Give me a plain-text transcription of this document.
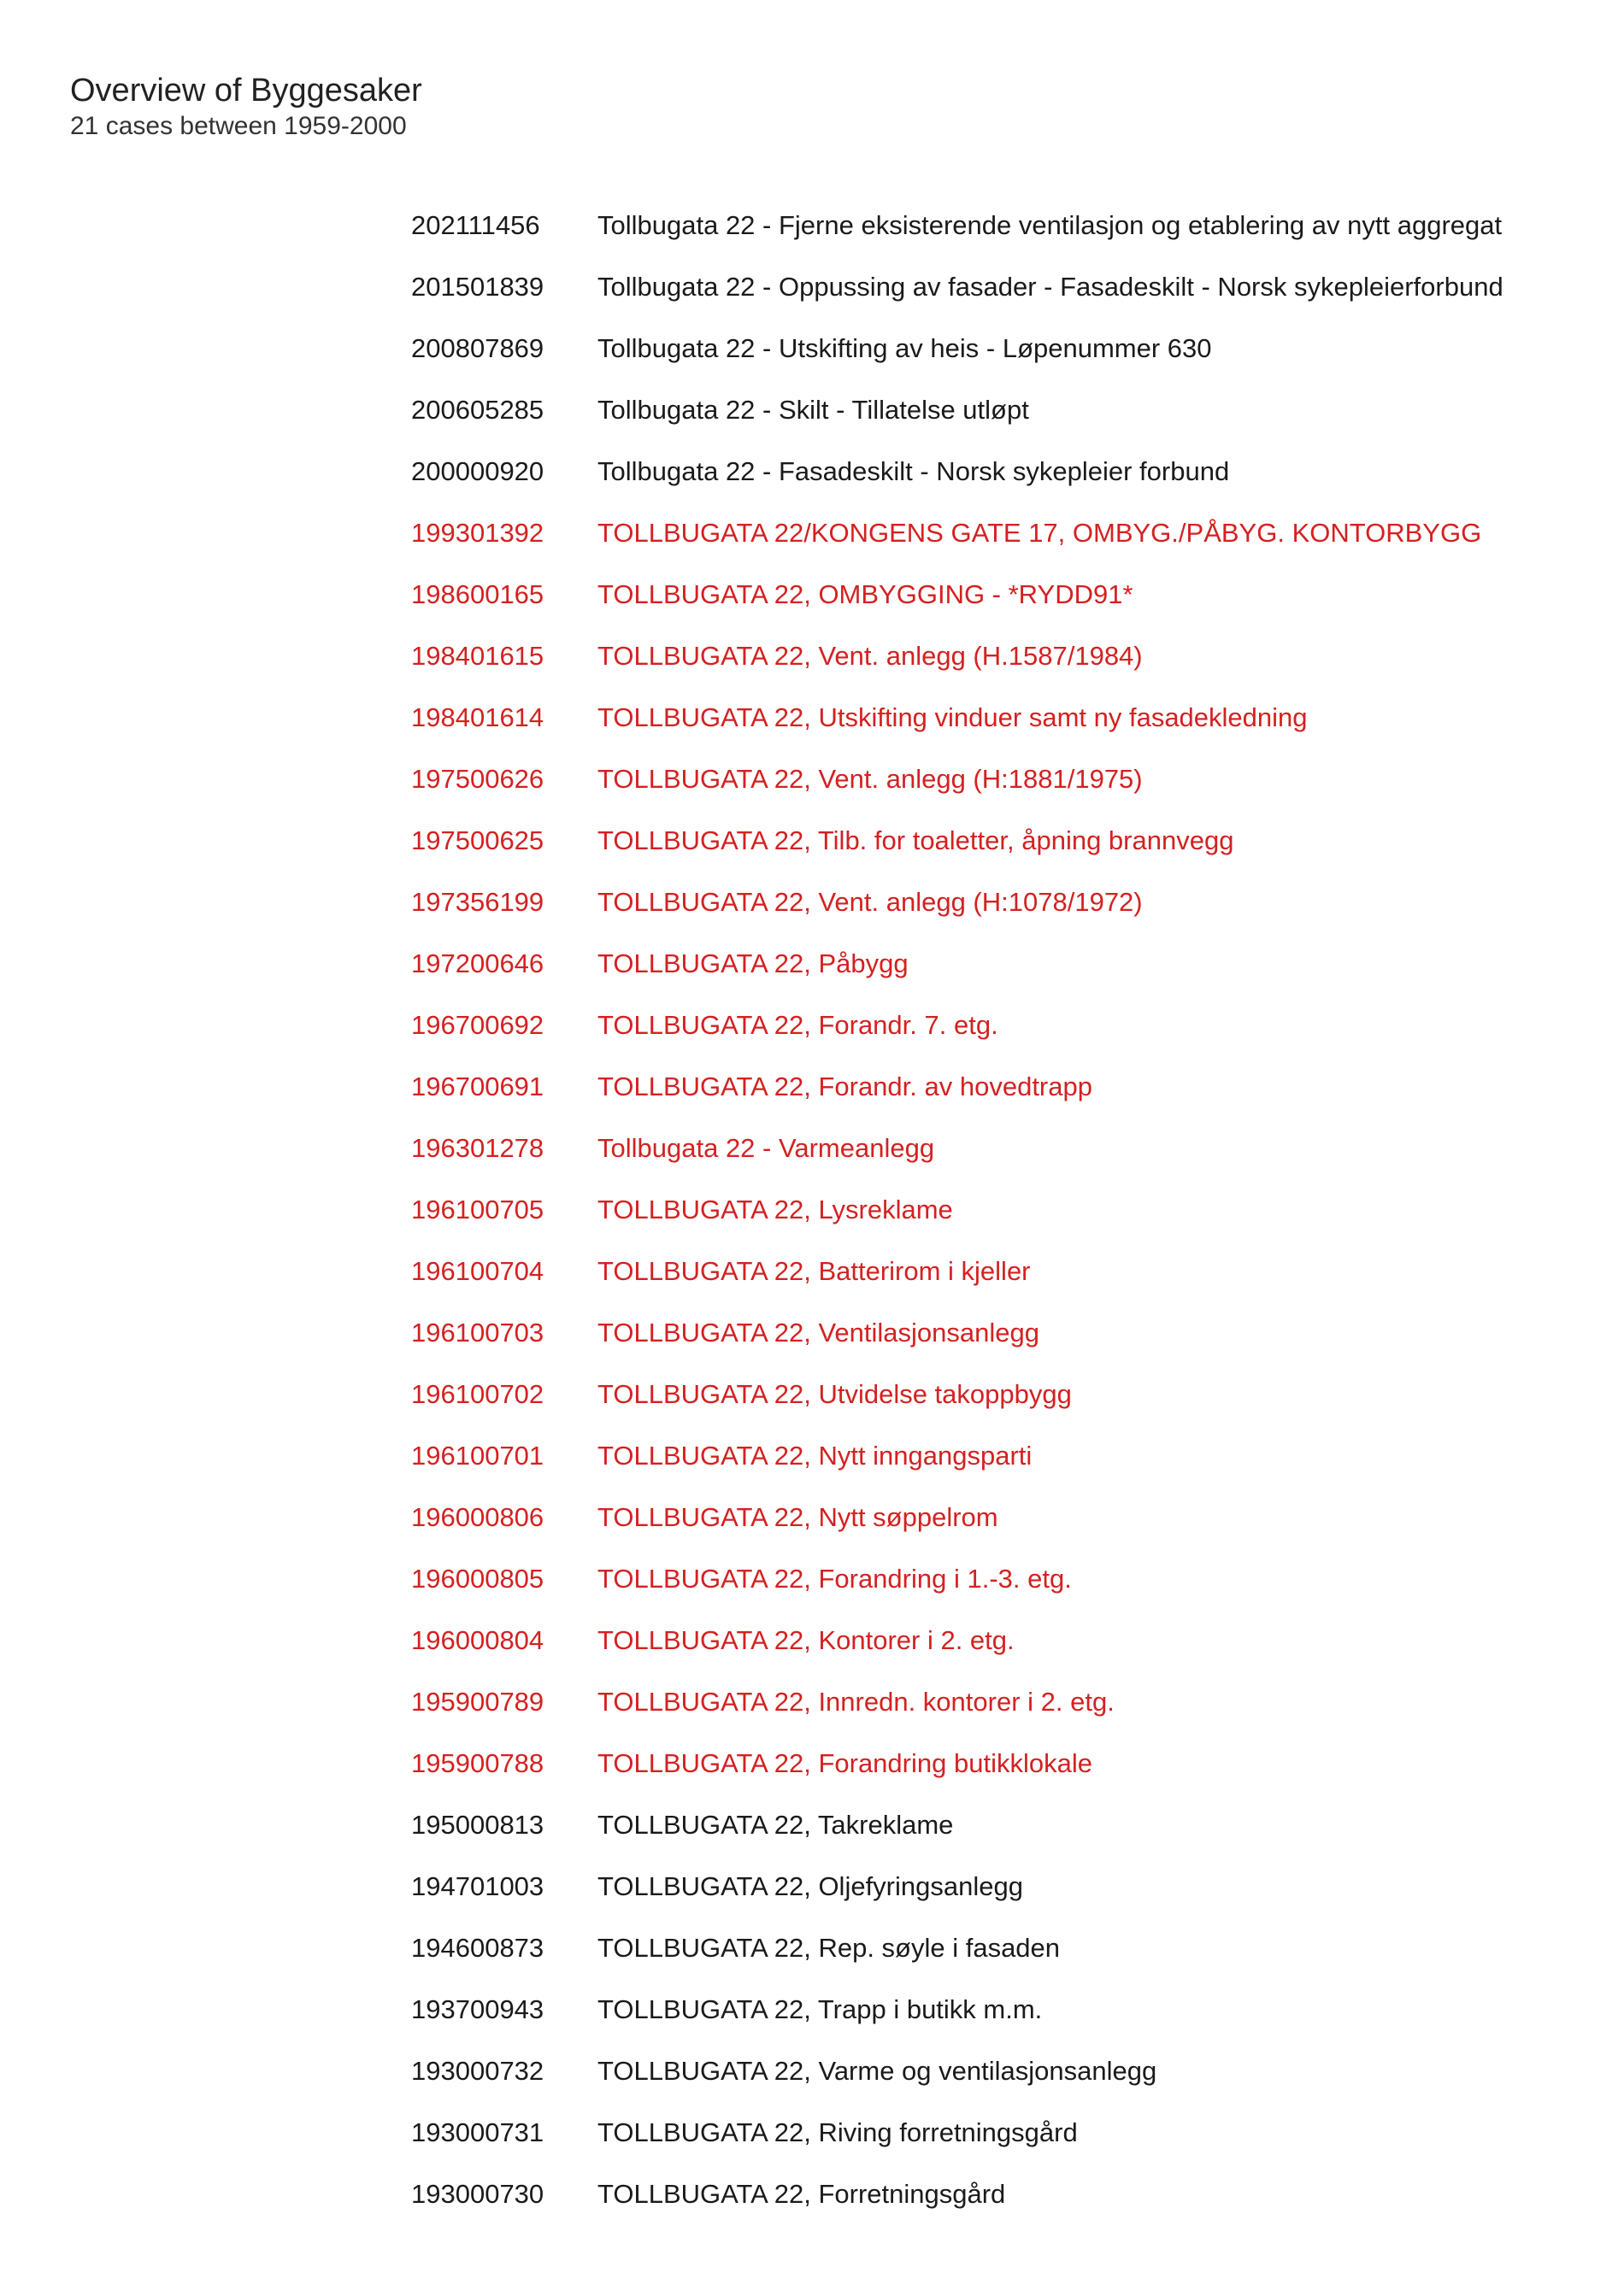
Overview of Byggesaker
21 cases between 1959-2000
202111456	Tollbugata 22 - Fjerne eksisterende ventilasjon og etablering av nytt aggregat
201501839	Tollbugata 22 - Oppussing av fasader - Fasadeskilt - Norsk sykepleierforbund
200807869	Tollbugata 22 - Utskifting av heis - Løpenummer 630
200605285	Tollbugata 22 - Skilt - Tillatelse utløpt
200000920	Tollbugata 22 - Fasadeskilt - Norsk sykepleier forbund
199301392	TOLLBUGATA 22/KONGENS GATE 17, OMBYG./PÅBYG. KONTORBYGG
198600165	TOLLBUGATA 22, OMBYGGING - *RYDD91*
198401615	TOLLBUGATA 22, Vent. anlegg (H.1587/1984)
198401614	TOLLBUGATA 22, Utskifting vinduer samt ny fasadekledning
197500626	TOLLBUGATA 22, Vent. anlegg (H:1881/1975)
197500625	TOLLBUGATA 22, Tilb. for toaletter, åpning brannvegg
197356199	TOLLBUGATA 22, Vent. anlegg (H:1078/1972)
197200646	TOLLBUGATA 22, Påbygg
196700692	TOLLBUGATA 22, Forandr. 7. etg.
196700691	TOLLBUGATA 22, Forandr. av hovedtrapp
196301278	Tollbugata 22 - Varmeanlegg
196100705	TOLLBUGATA 22, Lysreklame
196100704	TOLLBUGATA 22, Batterirom i kjeller
196100703	TOLLBUGATA 22, Ventilasjonsanlegg
196100702	TOLLBUGATA 22, Utvidelse takoppbygg
196100701	TOLLBUGATA 22, Nytt inngangsparti
196000806	TOLLBUGATA 22, Nytt søppelrom
196000805	TOLLBUGATA 22, Forandring i 1.-3. etg.
196000804	TOLLBUGATA 22, Kontorer i 2. etg.
195900789	TOLLBUGATA 22, Innredn. kontorer i 2. etg.
195900788	TOLLBUGATA 22, Forandring butikklokale
195000813	TOLLBUGATA 22, Takreklame
194701003	TOLLBUGATA 22, Oljefyringsanlegg
194600873	TOLLBUGATA 22, Rep. søyle i fasaden
193700943	TOLLBUGATA 22, Trapp i butikk m.m.
193000732	TOLLBUGATA 22, Varme og ventilasjonsanlegg
193000731	TOLLBUGATA 22, Riving forretningsgård
193000730	TOLLBUGATA 22, Forretningsgård
